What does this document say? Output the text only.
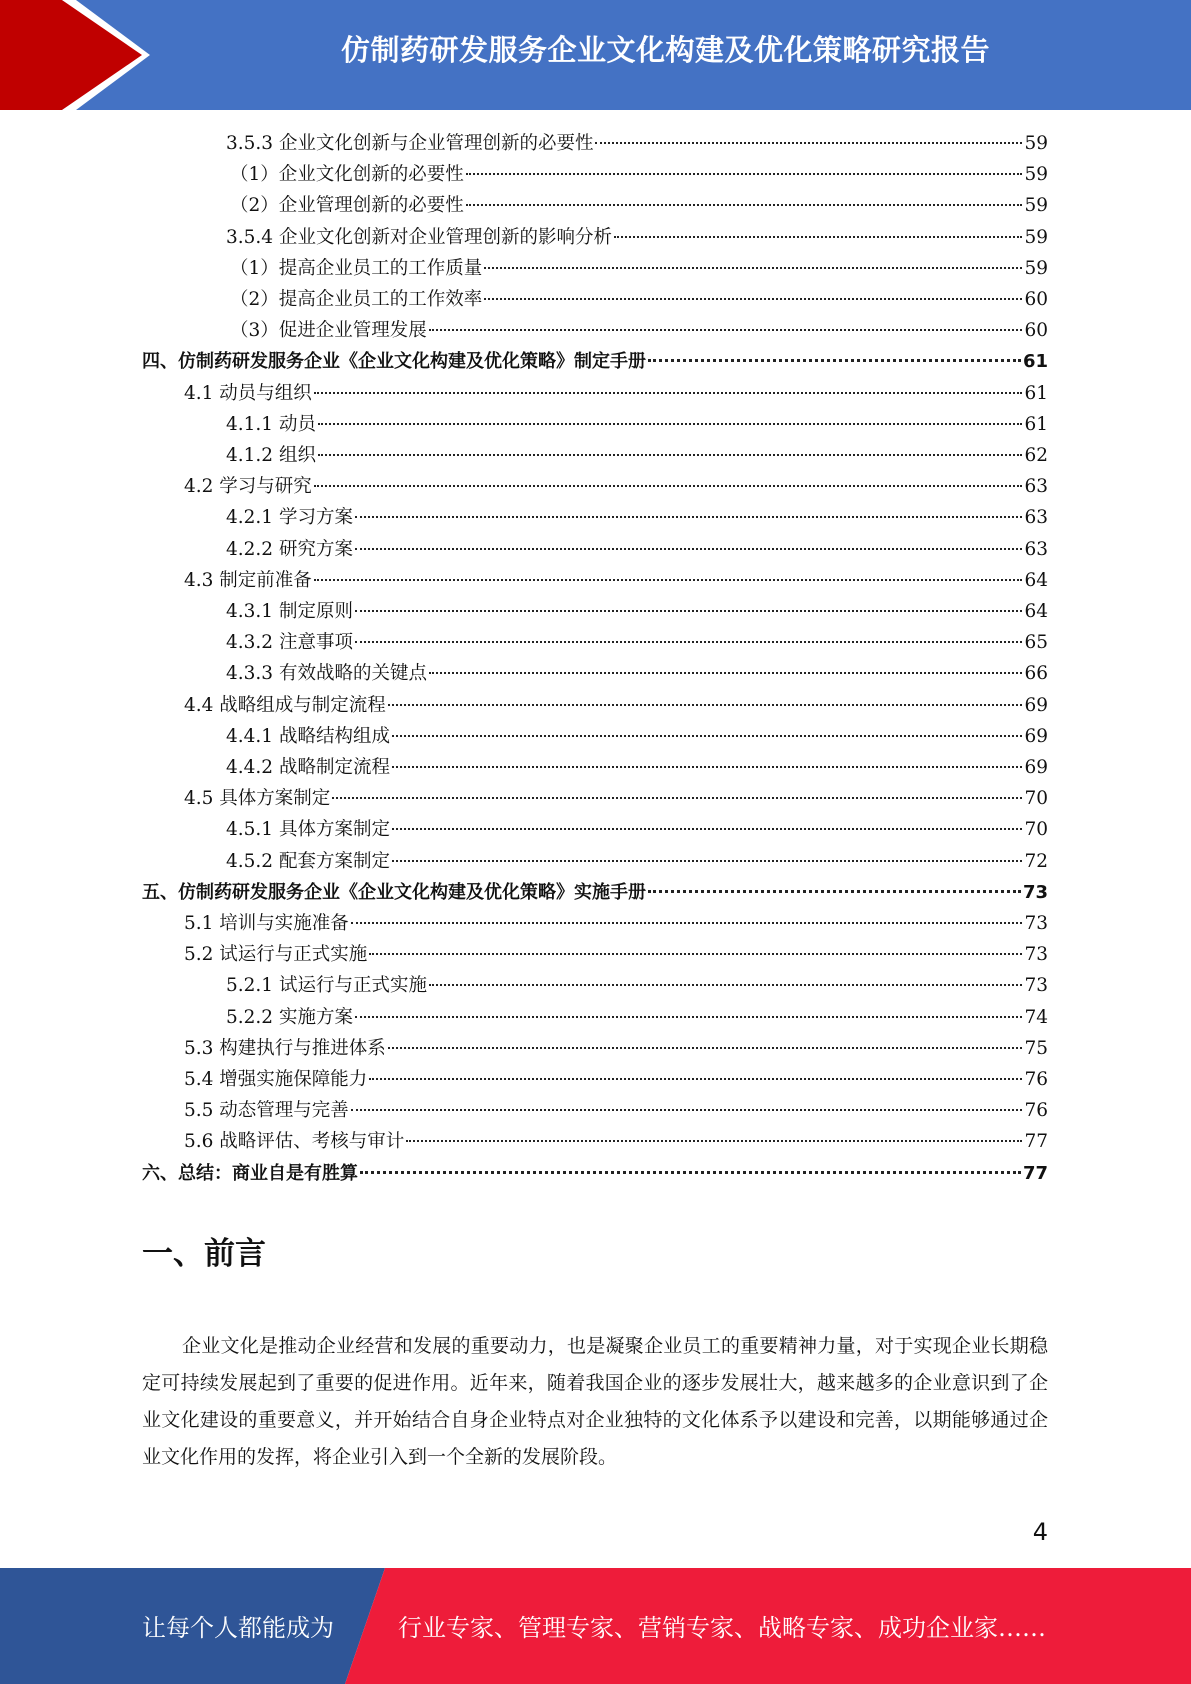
仿制药研发服务企业文化构建及优化策略研究报告
3.5.3 企业文化创新与企业管理创新的必要性	59
（1）企业文化创新的必要性	59
（2）企业管理创新的必要性	59
3.5.4 企业文化创新对企业管理创新的影响分析	59
（1）提高企业员工的工作质量	59
（2）提高企业员工的工作效率	60
（3）促进企业管理发展	60
四、仿制药研发服务企业《企业文化构建及优化策略》制定手册	61
4.1 动员与组织	61
4.1.1 动员	61
4.1.2 组织	62
4.2 学习与研究	63
4.2.1 学习方案	63
4.2.2 研究方案	63
4.3 制定前准备	64
4.3.1 制定原则	64
4.3.2 注意事项	65
4.3.3 有效战略的关键点	66
4.4 战略组成与制定流程	69
4.4.1 战略结构组成	69
4.4.2 战略制定流程	69
4.5 具体方案制定	70
4.5.1 具体方案制定	70
4.5.2 配套方案制定	72
五、仿制药研发服务企业《企业文化构建及优化策略》实施手册	73
5.1 培训与实施准备	73
5.2 试运行与正式实施	73
5.2.1 试运行与正式实施	73
5.2.2 实施方案	74
5.3 构建执行与推进体系	75
5.4 增强实施保障能力	76
5.5 动态管理与完善	76
5.6 战略评估、考核与审计	77
六、总结：商业自是有胜算	77
一、前言
企业文化是推动企业经营和发展的重要动力，也是凝聚企业员工的重要精神力量，对于实现企业长期稳定可持续发展起到了重要的促进作用。近年来，随着我国企业的逐步发展壮大，越来越多的企业意识到了企业文化建设的重要意义，并开始结合自身企业特点对企业独特的文化体系予以建设和完善，以期能够通过企业文化作用的发挥，将企业引入到一个全新的发展阶段。
4
让每个人都能成为	行业专家、管理专家、营销专家、战略专家、成功企业家……
